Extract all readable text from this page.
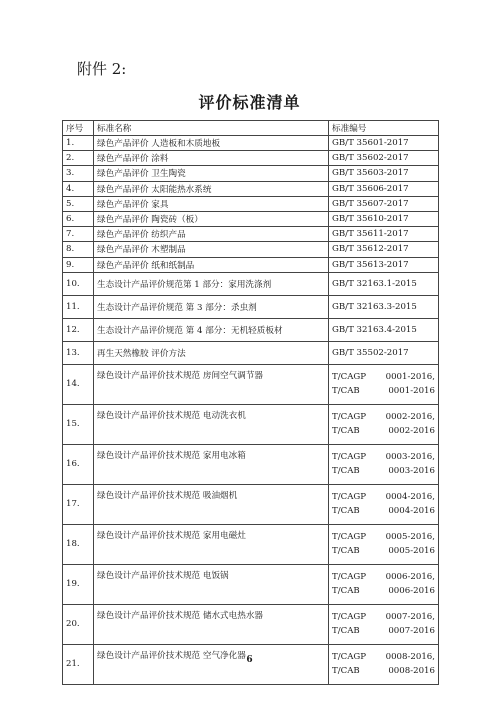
附件 2:
评价标准清单
序号	标准名称	标准编号
1.	绿色产品评价 人造板和木质地板	GB/T 35601-2017
2.	绿色产品评价 涂料	GB/T 35602-2017
3.	绿色产品评价 卫生陶瓷	GB/T 35603-2017
4.	绿色产品评价 太阳能热水系统	GB/T 35606-2017
5.	绿色产品评价 家具	GB/T 35607-2017
6.	绿色产品评价 陶瓷砖（板）	GB/T 35610-2017
7.	绿色产品评价 纺织产品	GB/T 35611-2017
8.	绿色产品评价 木塑制品	GB/T 35612-2017
9.	绿色产品评价 纸和纸制品	GB/T 35613-2017
10.	生态设计产品评价规范第 1 部分：家用洗涤剂	GB/T 32163.1-2015
11.	生态设计产品评价规范 第 3 部分：杀虫剂	GB/T 32163.3-2015
12.	生态设计产品评价规范 第 4 部分：无机轻质板材	GB/T 32163.4-2015
13.	再生天然橡胶 评价方法	GB/T 35502-2017
14.	绿色设计产品评价技术规范 房间空气调节器	T/CAGP 0001-2016,
T/CAB 0001-2016

15.	绿色设计产品评价技术规范 电动洗衣机	T/CAGP 0002-2016,
T/CAB 0002-2016

16.	绿色设计产品评价技术规范 家用电冰箱	T/CAGP 0003-2016,
T/CAB 0003-2016

17.	绿色设计产品评价技术规范 吸油烟机	T/CAGP 0004-2016,
T/CAB 0004-2016

18.	绿色设计产品评价技术规范 家用电磁灶	T/CAGP 0005-2016,
T/CAB 0005-2016

19.	绿色设计产品评价技术规范 电饭锅	T/CAGP 0006-2016,
T/CAB 0006-2016

20.	绿色设计产品评价技术规范 储水式电热水器	T/CAGP 0007-2016,
T/CAB 0007-2016

21.	绿色设计产品评价技术规范 空气净化器	T/CAGP 0008-2016,
T/CAB 0008-2016
6
